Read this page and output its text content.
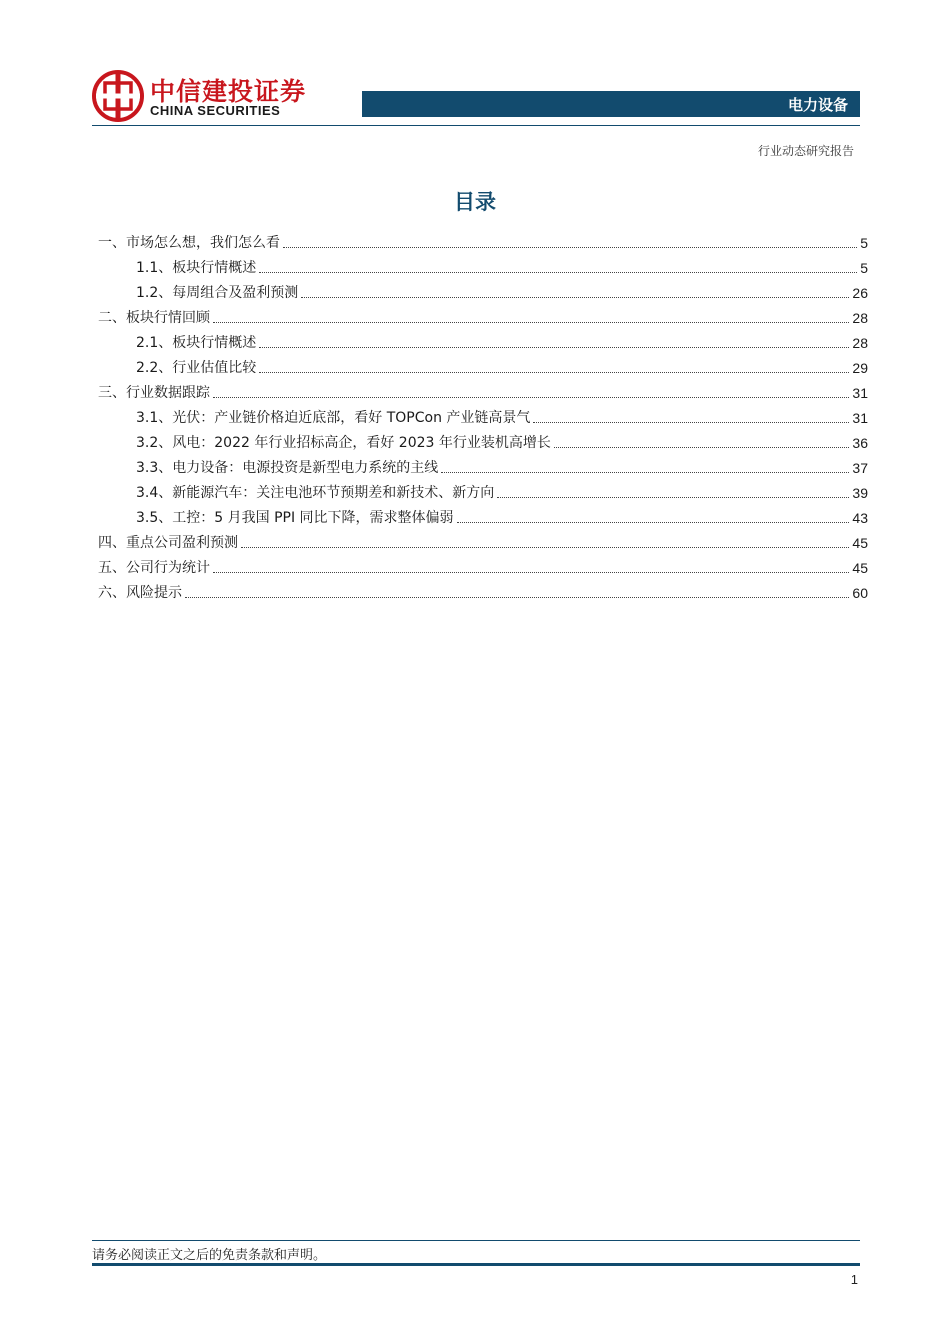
中信建投证券
CHINA SECURITIES	电力设备
行业动态研究报告
目录
一、市场怎么想，我们怎么看	5
1.1、板块行情概述	5
1.2、每周组合及盈利预测	26
二、板块行情回顾	28
2.1、板块行情概述	28
2.2、行业估值比较	29
三、行业数据跟踪	31
3.1、光伏：产业链价格迫近底部，看好 TOPCon 产业链高景气	31
3.2、风电：2022 年行业招标高企，看好 2023 年行业装机高增长	36
3.3、电力设备：电源投资是新型电力系统的主线	37
3.4、新能源汽车：关注电池环节预期差和新技术、新方向	39
3.5、工控：5 月我国 PPI 同比下降，需求整体偏弱	43
四、重点公司盈利预测	45
五、公司行为统计	45
六、风险提示	60
请务必阅读正文之后的免责条款和声明。
1
